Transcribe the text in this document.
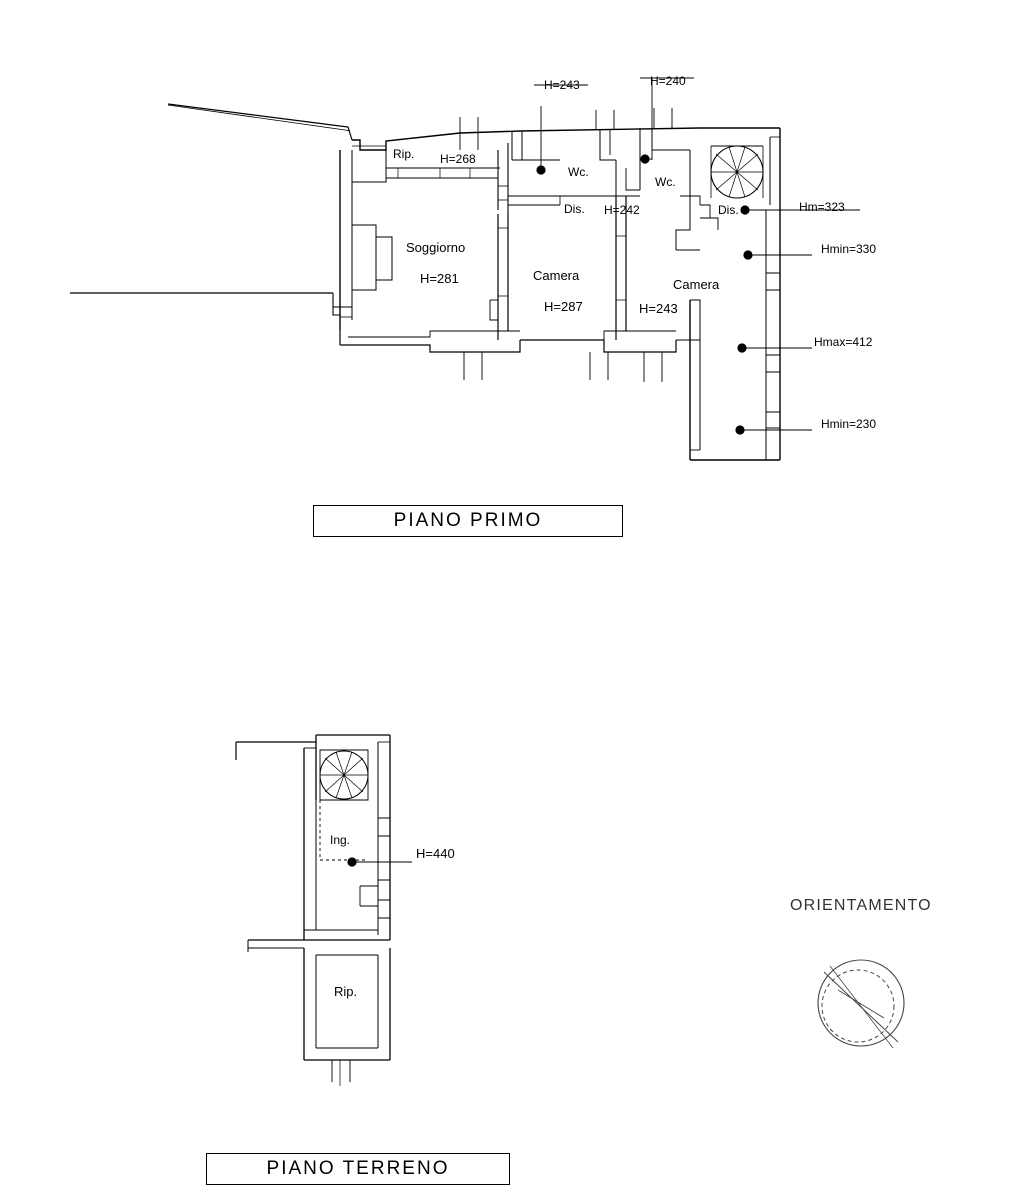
H=243	H=240
Rip. H=268
Wc.
Wc.
Dis. H=242	Dis.	Hm=323
Hmin=330
Hmax=412
Hmin=230
Soggiorno
H=281	Camera
H=287
Camera
H=243
PIANO PRIMO
Ing.
H=440
Rip.
PIANO TERRENO
ORIENTAMENTO
